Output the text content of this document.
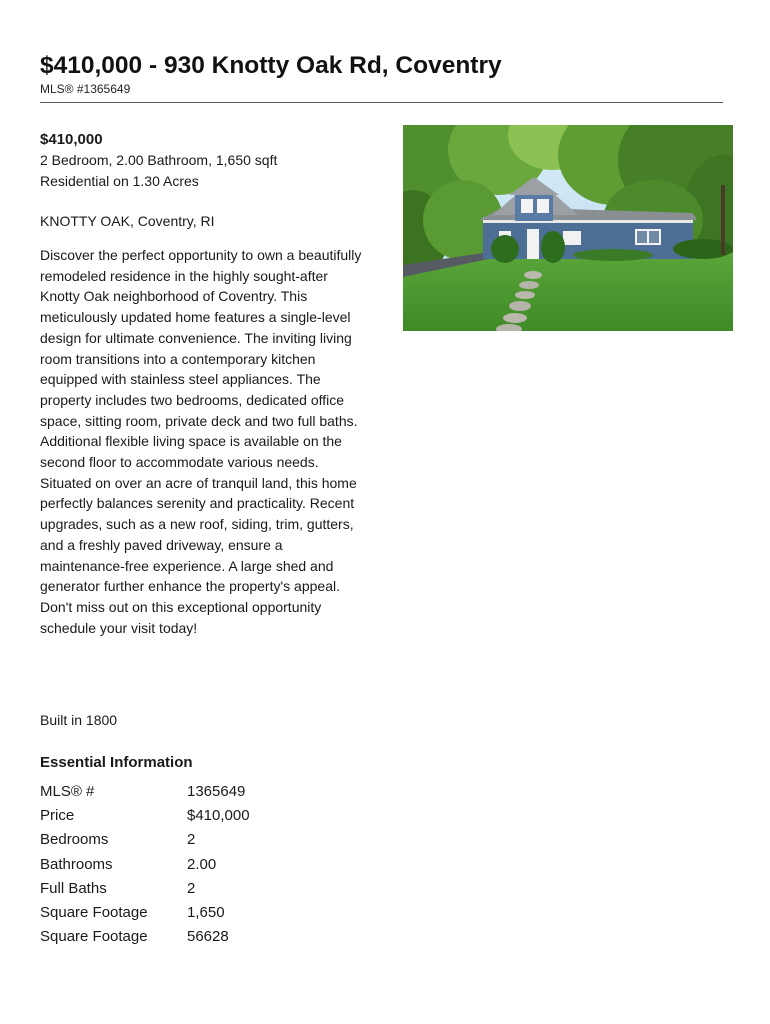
$410,000 - 930 Knotty Oak Rd, Coventry
MLS® #1365649

$410,000

2 Bedroom, 2.00 Bathroom, 1,650 sqft

Residential on 1.30 Acres

KNOTTY OAK, Coventry, RI

Discover the perfect opportunity to own a beautifully remodeled residence in the highly sought-after Knotty Oak neighborhood of Coventry. This meticulously updated home features a single-level design for ultimate convenience. The inviting living room transitions into a contemporary kitchen equipped with stainless steel appliances. The property includes two bedrooms, dedicated office space, sitting room, private deck and two full baths. Additional flexible living space is available on the second floor to accommodate various needs. Situated on over an acre of tranquil land, this home perfectly balances serenity and practicality. Recent upgrades, such as a new roof, siding, trim, gutters, and a freshly paved driveway, ensure a maintenance-free experience. A large shed and generator further enhance the property's appeal. Don't miss out on this exceptional opportunity schedule your visit today!

Built in 1800
Essential Information
MLS® #	1365649
Price	$410,000
Bedrooms	2
Bathrooms	2.00
Full Baths	2
Square Footage	1,650
Square Footage	56628
